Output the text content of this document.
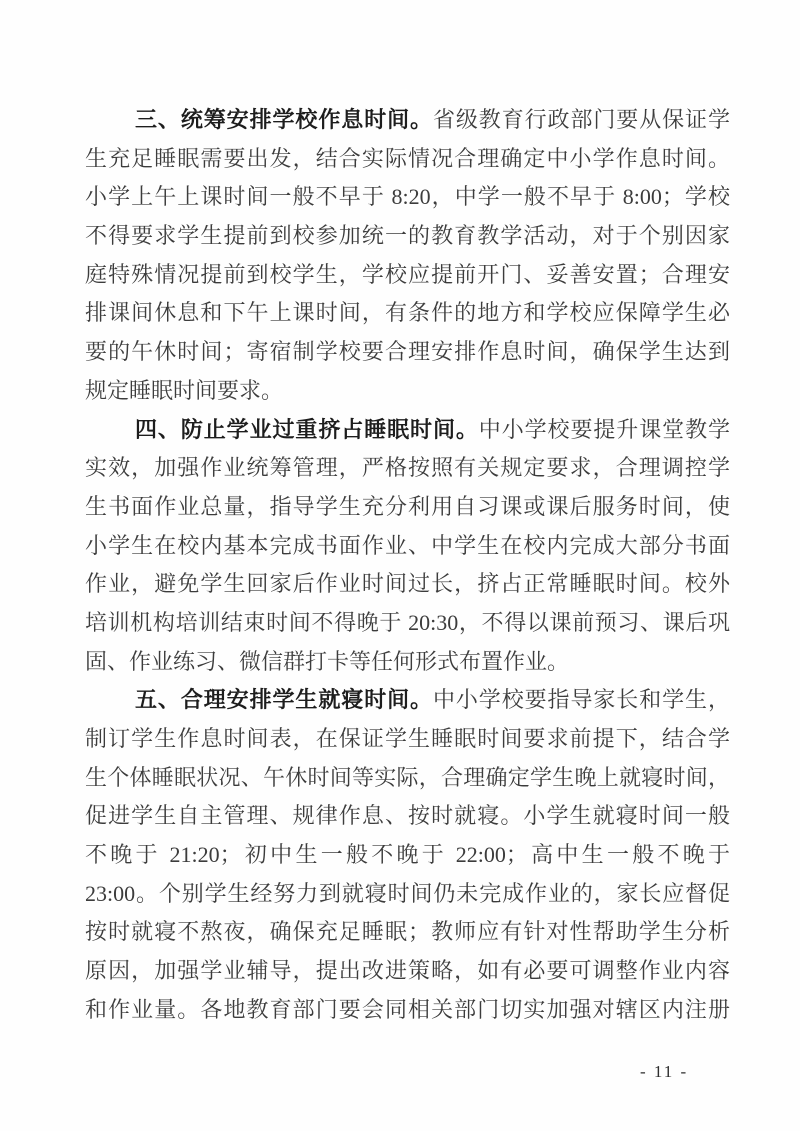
三、统筹安排学校作息时间。省级教育行政部门要从保证学
生充足睡眠需要出发，结合实际情况合理确定中小学作息时间。
小学上午上课时间一般不早于 8:20，中学一般不早于 8:00；学校
不得要求学生提前到校参加统一的教育教学活动，对于个别因家
庭特殊情况提前到校学生，学校应提前开门、妥善安置；合理安
排课间休息和下午上课时间，有条件的地方和学校应保障学生必
要的午休时间；寄宿制学校要合理安排作息时间，确保学生达到
规定睡眠时间要求。
四、防止学业过重挤占睡眠时间。中小学校要提升课堂教学
实效，加强作业统筹管理，严格按照有关规定要求，合理调控学
生书面作业总量，指导学生充分利用自习课或课后服务时间，使
小学生在校内基本完成书面作业、中学生在校内完成大部分书面
作业，避免学生回家后作业时间过长，挤占正常睡眠时间。校外
培训机构培训结束时间不得晚于 20:30，不得以课前预习、课后巩
固、作业练习、微信群打卡等任何形式布置作业。
五、合理安排学生就寝时间。中小学校要指导家长和学生，
制订学生作息时间表，在保证学生睡眠时间要求前提下，结合学
生个体睡眠状况、午休时间等实际，合理确定学生晚上就寝时间，
促进学生自主管理、规律作息、按时就寝。小学生就寝时间一般
不晚于 21:20；初中生一般不晚于 22:00；高中生一般不晚于
23:00。个别学生经努力到就寝时间仍未完成作业的，家长应督促
按时就寝不熬夜，确保充足睡眠；教师应有针对性帮助学生分析
原因，加强学业辅导，提出改进策略，如有必要可调整作业内容
和作业量。各地教育部门要会同相关部门切实加强对辖区内注册
- 11 -
